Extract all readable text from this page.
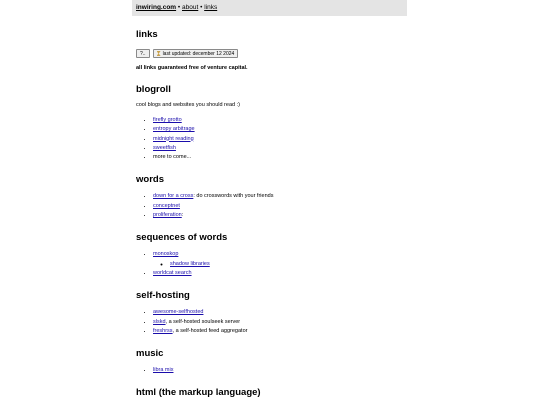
inwiring.com • about • links
links
?..	last updated: december 12 2024
all links guaranteed free of venture capital.
blogroll

cool blogs and websites you should read :)

• firefly grotto
• entropy arbitrage
• midnight reading
• sweetfish
• more to come...
words
• down for a cross: do crosswords with your friends
• conceptnet
• proliferation:
sequences of words
• monoskop
◦ shadow libraries
• worldcat search
self-hosting
• awesome-selfhosted
• slskd, a self-hosted soulseek server
• freshrss, a self-hosted feed aggregator
music
• libra mix
html (the markup language)
